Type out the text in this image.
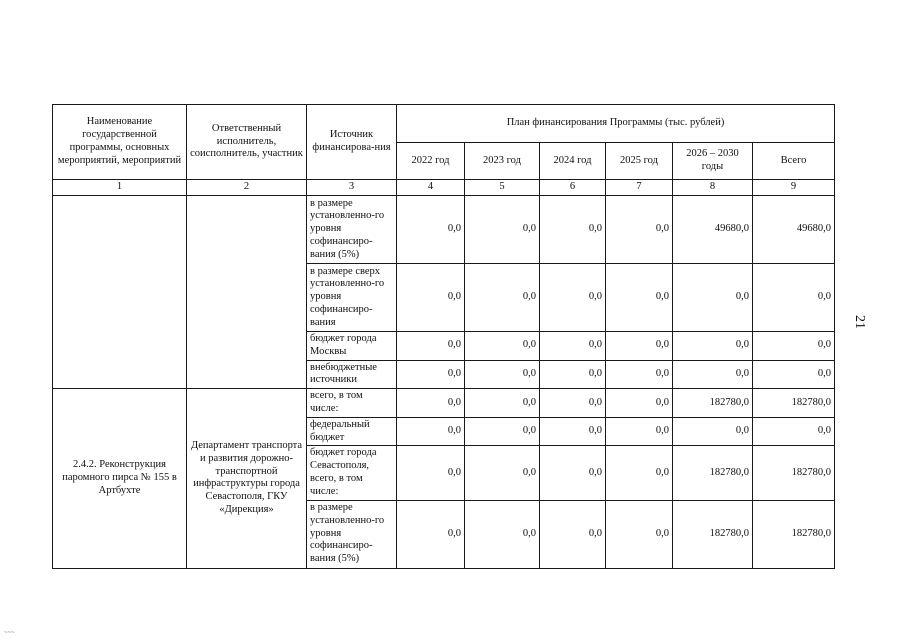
Наименование государственной программы, основных мероприятий, мероприятий	Ответственный исполнитель, соисполнитель, участник	Источник финансирова-ния	План финансирования Программы (тыс. рублей)					
			2022 год	2023 год	2024 год	2025 год	2026 – 2030 годы	Всего
1	2	3	4	5	6	7	8	9
		в размере установленно-го уровня софинансиро-вания (5%)	0,0	0,0	0,0	0,0	49680,0	49680,0
		в размере сверх установленно-го уровня софинансиро-вания	0,0	0,0	0,0	0,0	0,0	0,0
		бюджет города Москвы	0,0	0,0	0,0	0,0	0,0	0,0
		внебюджетные источники	0,0	0,0	0,0	0,0	0,0	0,0
2.4.2. Реконструкция паромного пирса № 155 в Артбухте	Департамент транспорта и развития дорожно-транспортной инфраструктуры города Севастополя, ГКУ «Дирекция»	всего, в том числе:	0,0	0,0	0,0	0,0	182780,0	182780,0
		федеральный бюджет	0,0	0,0	0,0	0,0	0,0	0,0
		бюджет города Севастополя, всего, в том числе:	0,0	0,0	0,0	0,0	182780,0	182780,0
		в размере установленно-го уровня софинансиро-вания (5%)	0,0	0,0	0,0	0,0	182780,0	182780,0
21
~~~
